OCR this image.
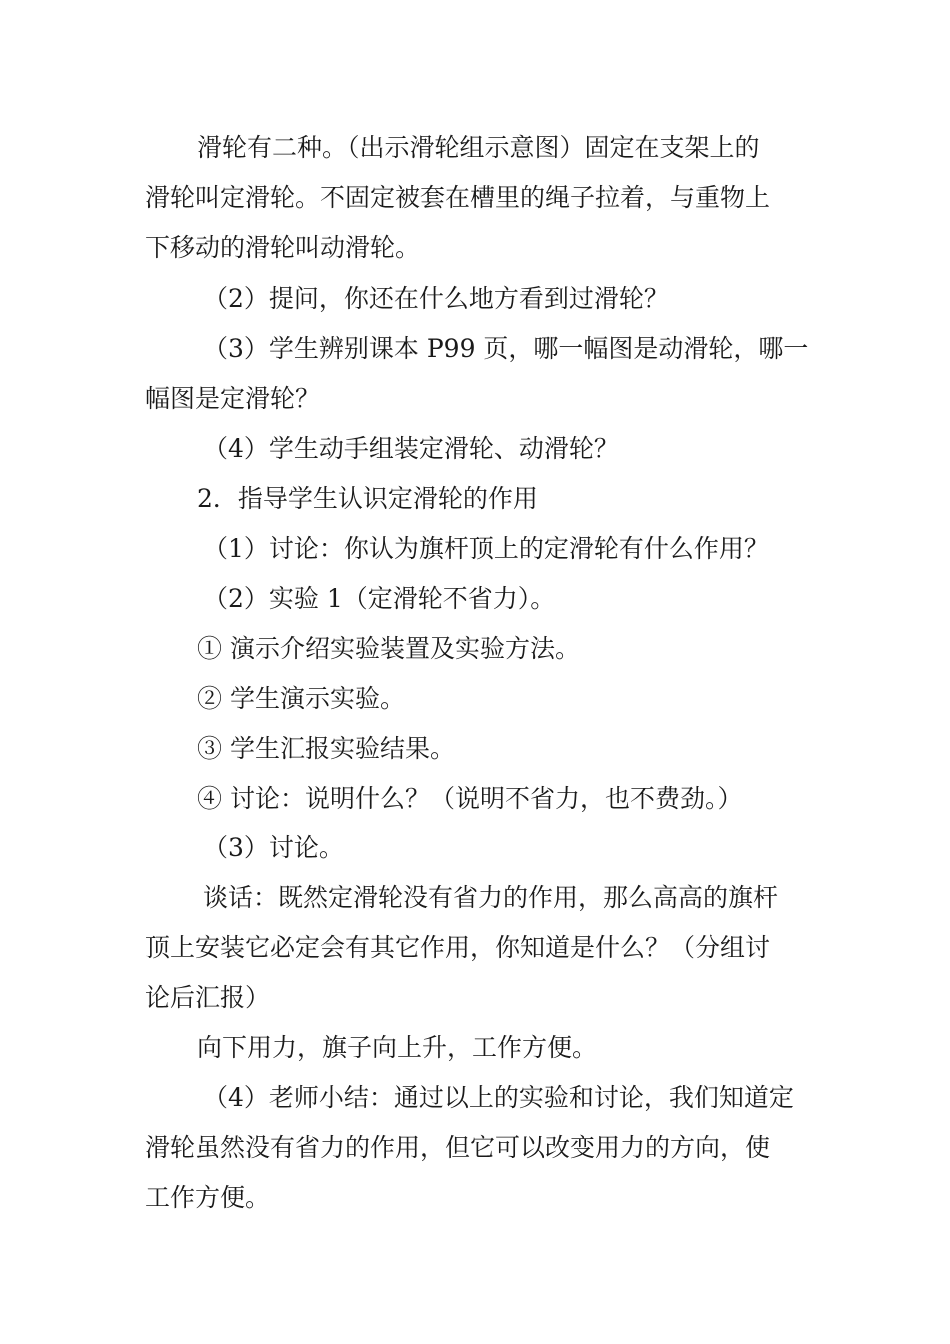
滑轮有二种。（出示滑轮组示意图）固定在支架上的
滑轮叫定滑轮。不固定被套在槽里的绳子拉着，与重物上
下移动的滑轮叫动滑轮。
（2）提问，你还在什么地方看到过滑轮？
（3）学生辨别课本 P99 页，哪一幅图是动滑轮，哪一
幅图是定滑轮？
（4）学生动手组装定滑轮、动滑轮？
2．指导学生认识定滑轮的作用
（1）讨论：你认为旗杆顶上的定滑轮有什么作用？
（2）实验 1（定滑轮不省力）。
① 演示介绍实验装置及实验方法。
② 学生演示实验。
③ 学生汇报实验结果。
④ 讨论：说明什么？（说明不省力，也不费劲。）
（3）讨论。
谈话：既然定滑轮没有省力的作用，那么高高的旗杆
顶上安装它必定会有其它作用，你知道是什么？（分组讨
论后汇报）
向下用力，旗子向上升，工作方便。
（4）老师小结：通过以上的实验和讨论，我们知道定
滑轮虽然没有省力的作用，但它可以改变用力的方向，使
工作方便。
